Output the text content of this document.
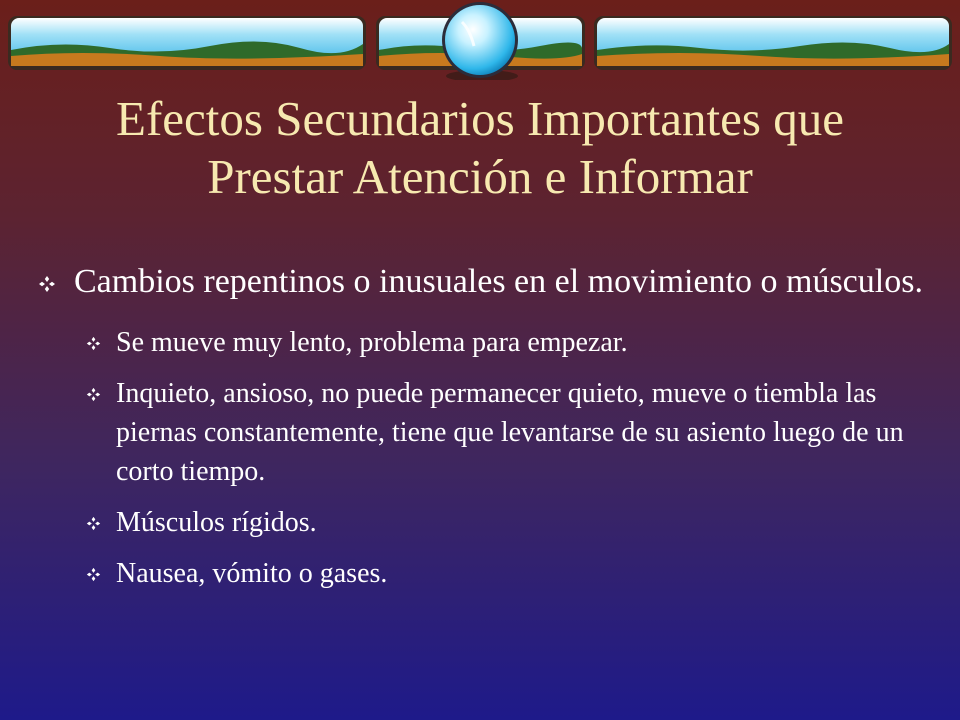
Efectos Secundarios Importantes que
Prestar Atención e Informar
Cambios repentinos o inusuales en el movimiento o músculos.
Se mueve muy lento, problema para empezar.
Inquieto, ansioso, no puede permanecer quieto, mueve o tiembla las piernas constantemente, tiene que levantarse de su asiento luego de un corto tiempo.
Músculos rígidos.
Nausea, vómito o gases.
